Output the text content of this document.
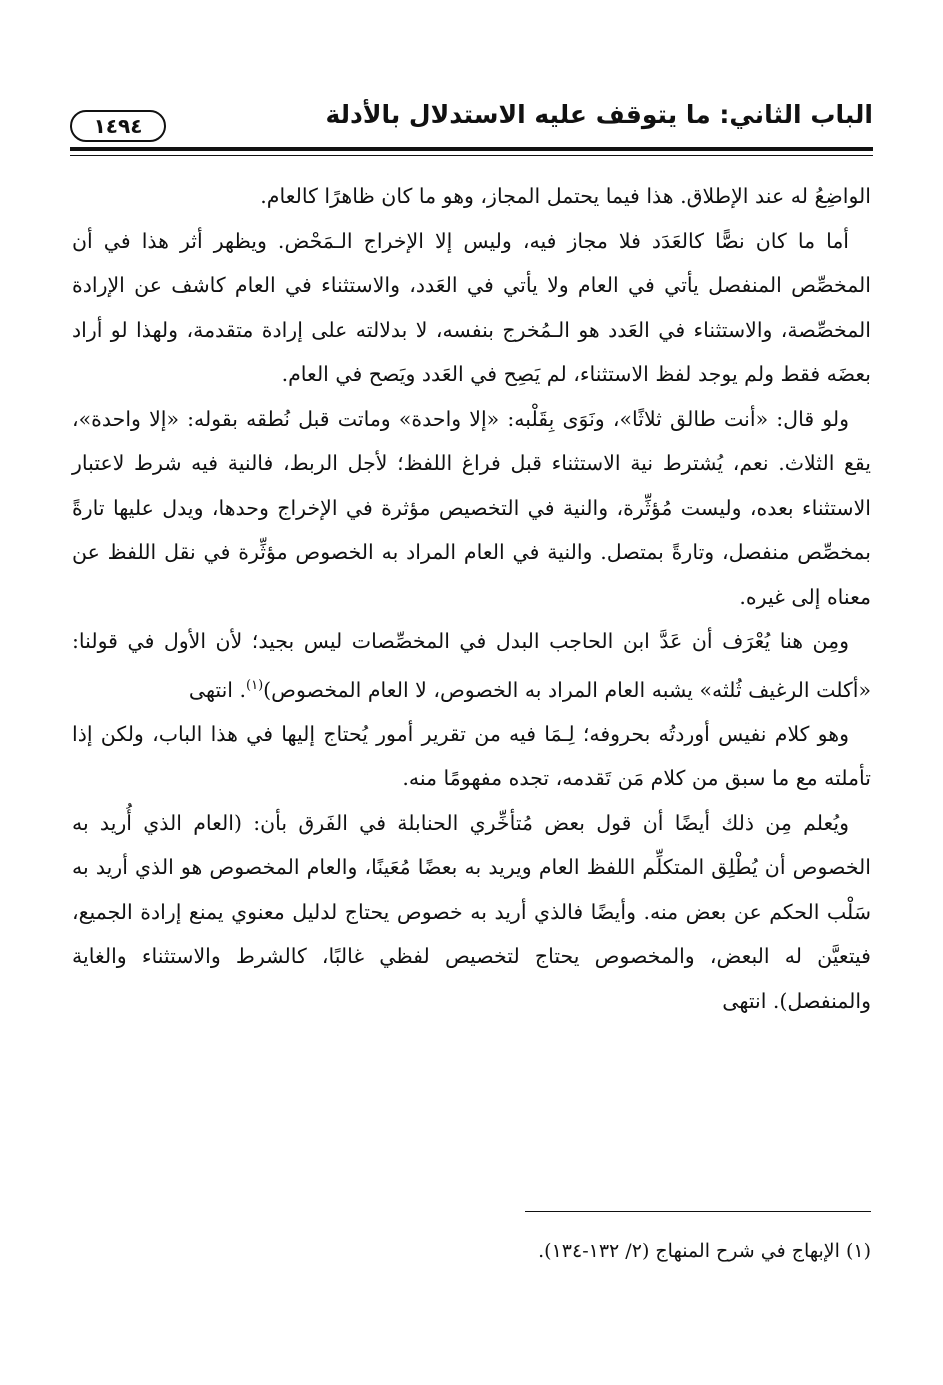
الباب الثاني: ما يتوقف عليه الاستدلال بالأدلة
١٤٩٤

الواضِعُ له عند الإطلاق. هذا فيما يحتمل المجاز، وهو ما كان ظاهرًا كالعام.

أما ما كان نصًّا كالعَدَد فلا مجاز فيه، وليس إلا الإخراج الـمَحْض. ويظهر أثر هذا في أن المخصِّص المنفصل يأتي في العام ولا يأتي في العَدد، والاستثناء في العام كاشف عن الإرادة المخصِّصة، والاستثناء في العَدد هو الـمُخرج بنفسه، لا بدلالته على إرادة متقدمة، ولهذا لو أراد بعضَه فقط ولم يوجد لفظ الاستثناء، لم يَصِح في العَدد ويَصح في العام.

ولو قال: «أنت طالق ثلاثًا»، ونَوَى بِقَلْبه: «إلا واحدة» وماتت قبل نُطقه بقوله: «إلا واحدة»، يقع الثلاث. نعم، يُشترط نية الاستثناء قبل فراغ اللفظ؛ لأجل الربط، فالنية فيه شرط لاعتبار الاستثناء بعده، وليست مُؤثِّرة، والنية في التخصيص مؤثرة في الإخراج وحدها، ويدل عليها تارةً بمخصِّص منفصل، وتارةً بمتصل. والنية في العام المراد به الخصوص مؤثِّرة في نقل اللفظ عن معناه إلى غيره.

ومِن هنا يُعْرَف أن عَدَّ ابن الحاجب البدل في المخصِّصات ليس بجيد؛ لأن الأول في قولنا: «أكلت الرغيف ثُلثه» يشبه العام المراد به الخصوص، لا العام المخصوص)$^{(١)}$. انتهى

وهو كلام نفيس أوردتُه بحروفه؛ لِـمَا فيه من تقرير أمور يُحتاج إليها في هذا الباب، ولكن إذا تأملته مع ما سبق من كلام مَن تَقدمه، تجده مفهومًا منه.

ويُعلم مِن ذلك أيضًا أن قول بعض مُتأخِّري الحنابلة في الفَرق بأن: (العام الذي أُريد به الخصوص أن يُطْلِق المتكلِّم اللفظ العام ويريد به بعضًا مُعَينًا، والعام المخصوص هو الذي أريد به سَلْب الحكم عن بعض منه. وأيضًا فالذي أريد به خصوص يحتاج لدليل معنوي يمنع إرادة الجميع، فيتعيَّن له البعض، والمخصوص يحتاج لتخصيص لفظي غالبًا، كالشرط والاستثناء والغاية والمنفصل). انتهى

(١) الإبهاج في شرح المنهاج (٢/ ١٣٢-١٣٤).
